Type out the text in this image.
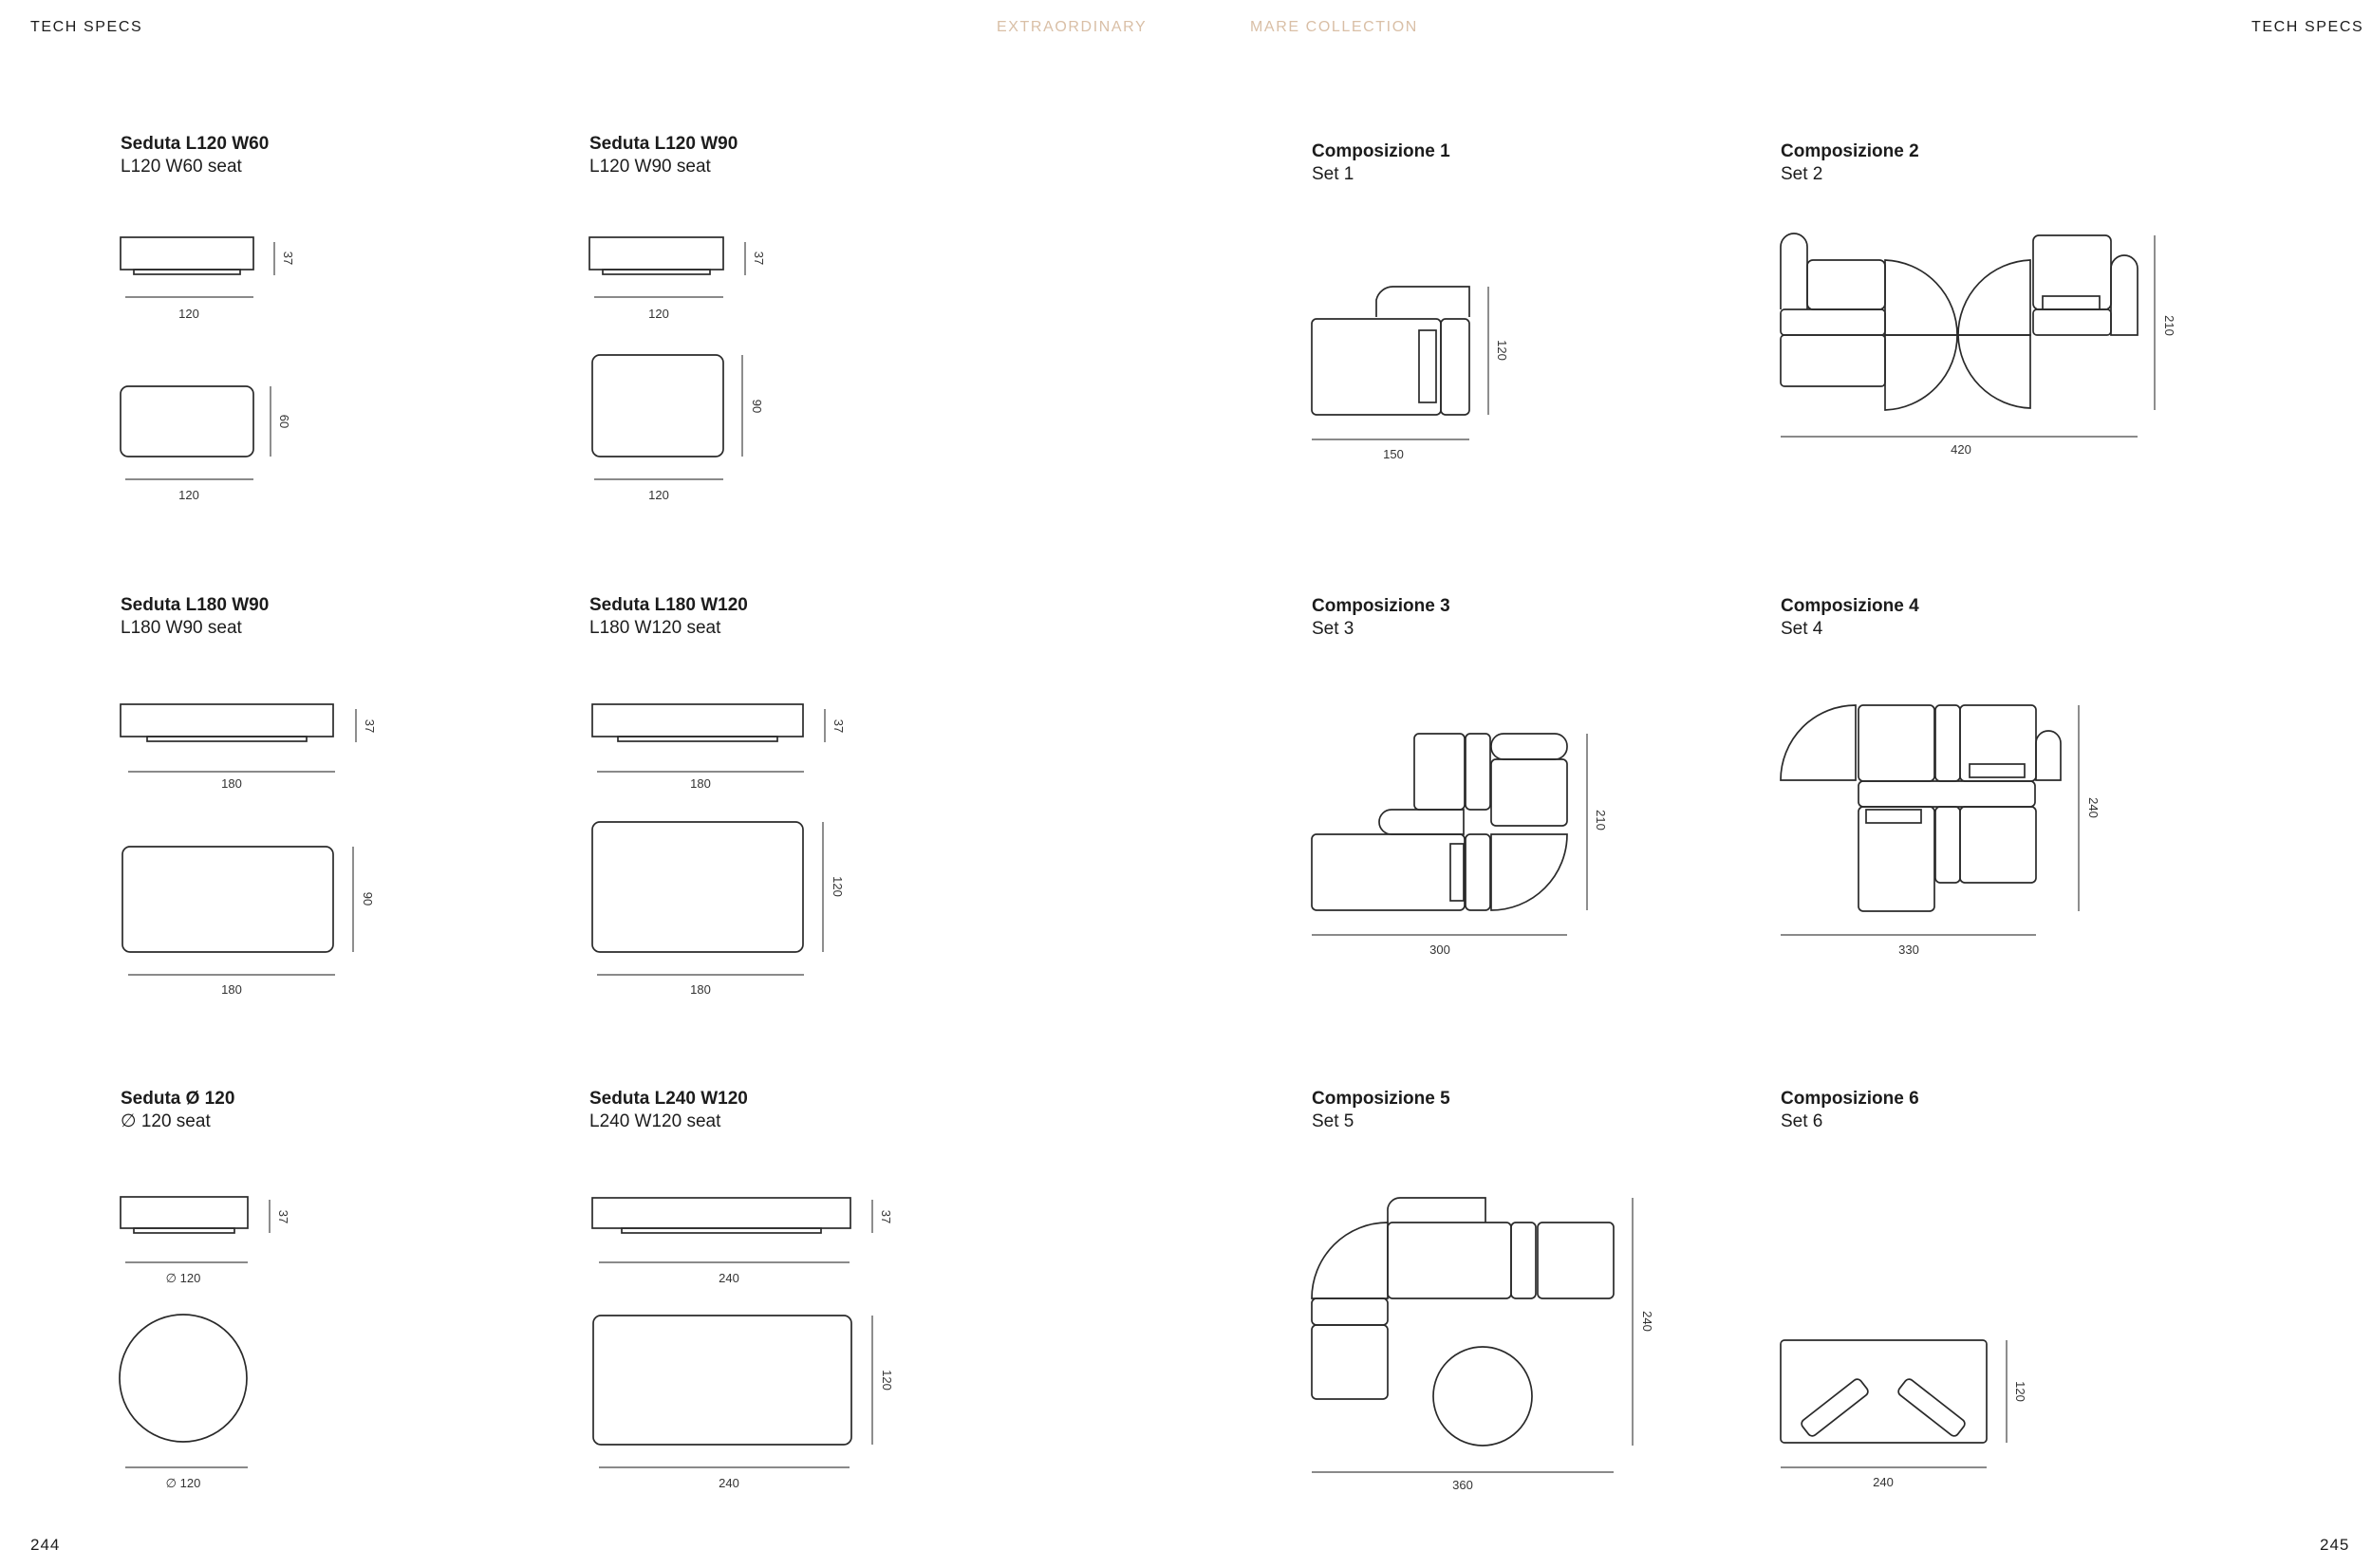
TECH SPECS	EXTRAORDINARY	MARE COLLECTION	TECH SPECS
Seduta L120 W60
L120 W60 seat
37
120
60
120
Seduta L120 W90
L120 W90 seat
37
120
90
120
Seduta L180 W90
L180 W90 seat
37
180
90
180
Seduta L180 W120
L180 W120 seat
37
180
120
180
Seduta Ø 120
∅ 120 seat
37
∅ 120
∅ 120
Seduta L240 W120
L240 W120 seat
37
240
120
240
Composizione 1
Set 1
120
150
Composizione 2
Set 2
210
420
Composizione 3
Set 3
210
300
Composizione 4
Set 4
240
330
Composizione 5
Set 5
240
360
Composizione 6
Set 6
120
240
244	245
